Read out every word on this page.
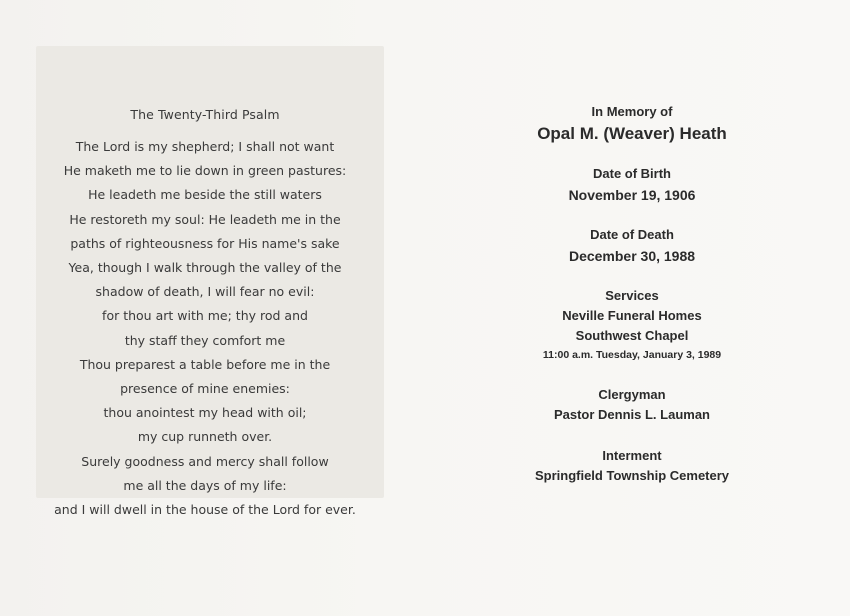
The Twenty-Third Psalm
The Lord is my shepherd; I shall not want
He maketh me to lie down in green pastures:
He leadeth me beside the still waters
He restoreth my soul: He leadeth me in the
paths of righteousness for His name's sake
Yea, though I walk through the valley of the
shadow of death, I will fear no evil:
for thou art with me; thy rod and
thy staff they comfort me
Thou preparest a table before me in the
presence of mine enemies:
thou anointest my head with oil;
my cup runneth over.
Surely goodness and mercy shall follow
me all the days of my life:
and I will dwell in the house of the Lord for ever.
In Memory of
Opal M. (Weaver) Heath
Date of Birth
November 19, 1906
Date of Death
December 30, 1988
Services
Neville Funeral Homes
Southwest Chapel
11:00 a.m. Tuesday, January 3, 1989
Clergyman
Pastor Dennis L. Lauman
Interment
Springfield Township Cemetery
